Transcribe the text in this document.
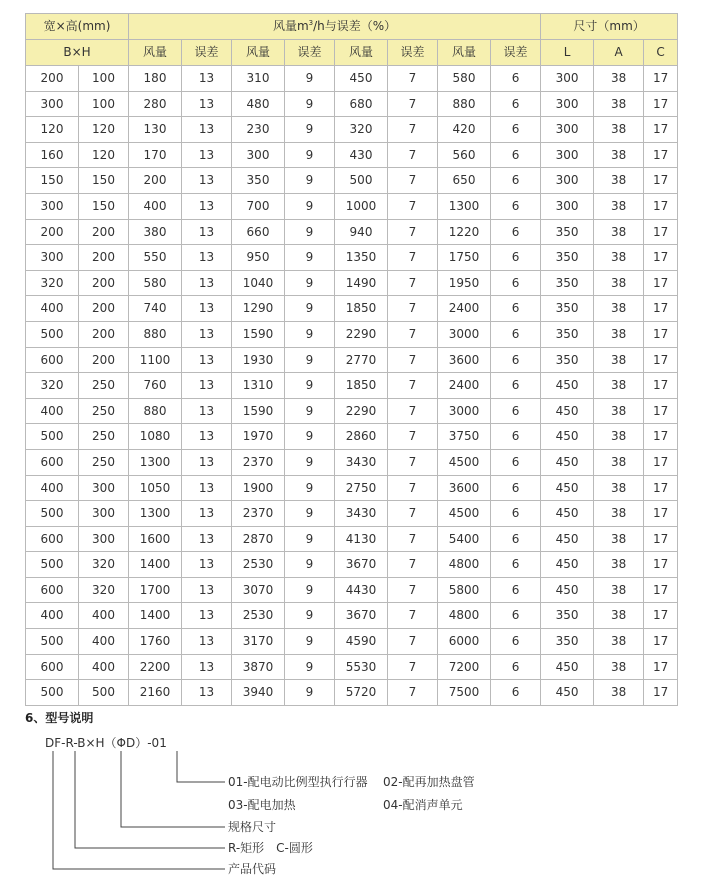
宽×高(mm)		风量$m^3/h$与误差（%）								尺寸（mm）		
B×H		风量	误差	风量	误差	风量	误差	风量	误差	L	A	C
200	100	180	13	310	9	450	7	580	6	300	38	17
300	100	280	13	480	9	680	7	880	6	300	38	17
120	120	130	13	230	9	320	7	420	6	300	38	17
160	120	170	13	300	9	430	7	560	6	300	38	17
150	150	200	13	350	9	500	7	650	6	300	38	17
300	150	400	13	700	9	1000	7	1300	6	300	38	17
200	200	380	13	660	9	940	7	1220	6	350	38	17
300	200	550	13	950	9	1350	7	1750	6	350	38	17
320	200	580	13	1040	9	1490	7	1950	6	350	38	17
400	200	740	13	1290	9	1850	7	2400	6	350	38	17
500	200	880	13	1590	9	2290	7	3000	6	350	38	17
600	200	1100	13	1930	9	2770	7	3600	6	350	38	17
320	250	760	13	1310	9	1850	7	2400	6	450	38	17
400	250	880	13	1590	9	2290	7	3000	6	450	38	17
500	250	1080	13	1970	9	2860	7	3750	6	450	38	17
600	250	1300	13	2370	9	3430	7	4500	6	450	38	17
400	300	1050	13	1900	9	2750	7	3600	6	450	38	17
500	300	1300	13	2370	9	3430	7	4500	6	450	38	17
600	300	1600	13	2870	9	4130	7	5400	6	450	38	17
500	320	1400	13	2530	9	3670	7	4800	6	450	38	17
600	320	1700	13	3070	9	4430	7	5800	6	450	38	17
400	400	1400	13	2530	9	3670	7	4800	6	350	38	17
500	400	1760	13	3170	9	4590	7	6000	6	350	38	17
600	400	2200	13	3870	9	5530	7	7200	6	450	38	17
500	500	2160	13	3940	9	5720	7	7500	6	450	38	17
6、型号说明
DF-R-B×H（ΦD）-01
01-配电动比例型执行行器 02-配再加热盘管
03-配电加热	04-配消声单元
规格尺寸
R-矩形　C-圆形
产品代码
